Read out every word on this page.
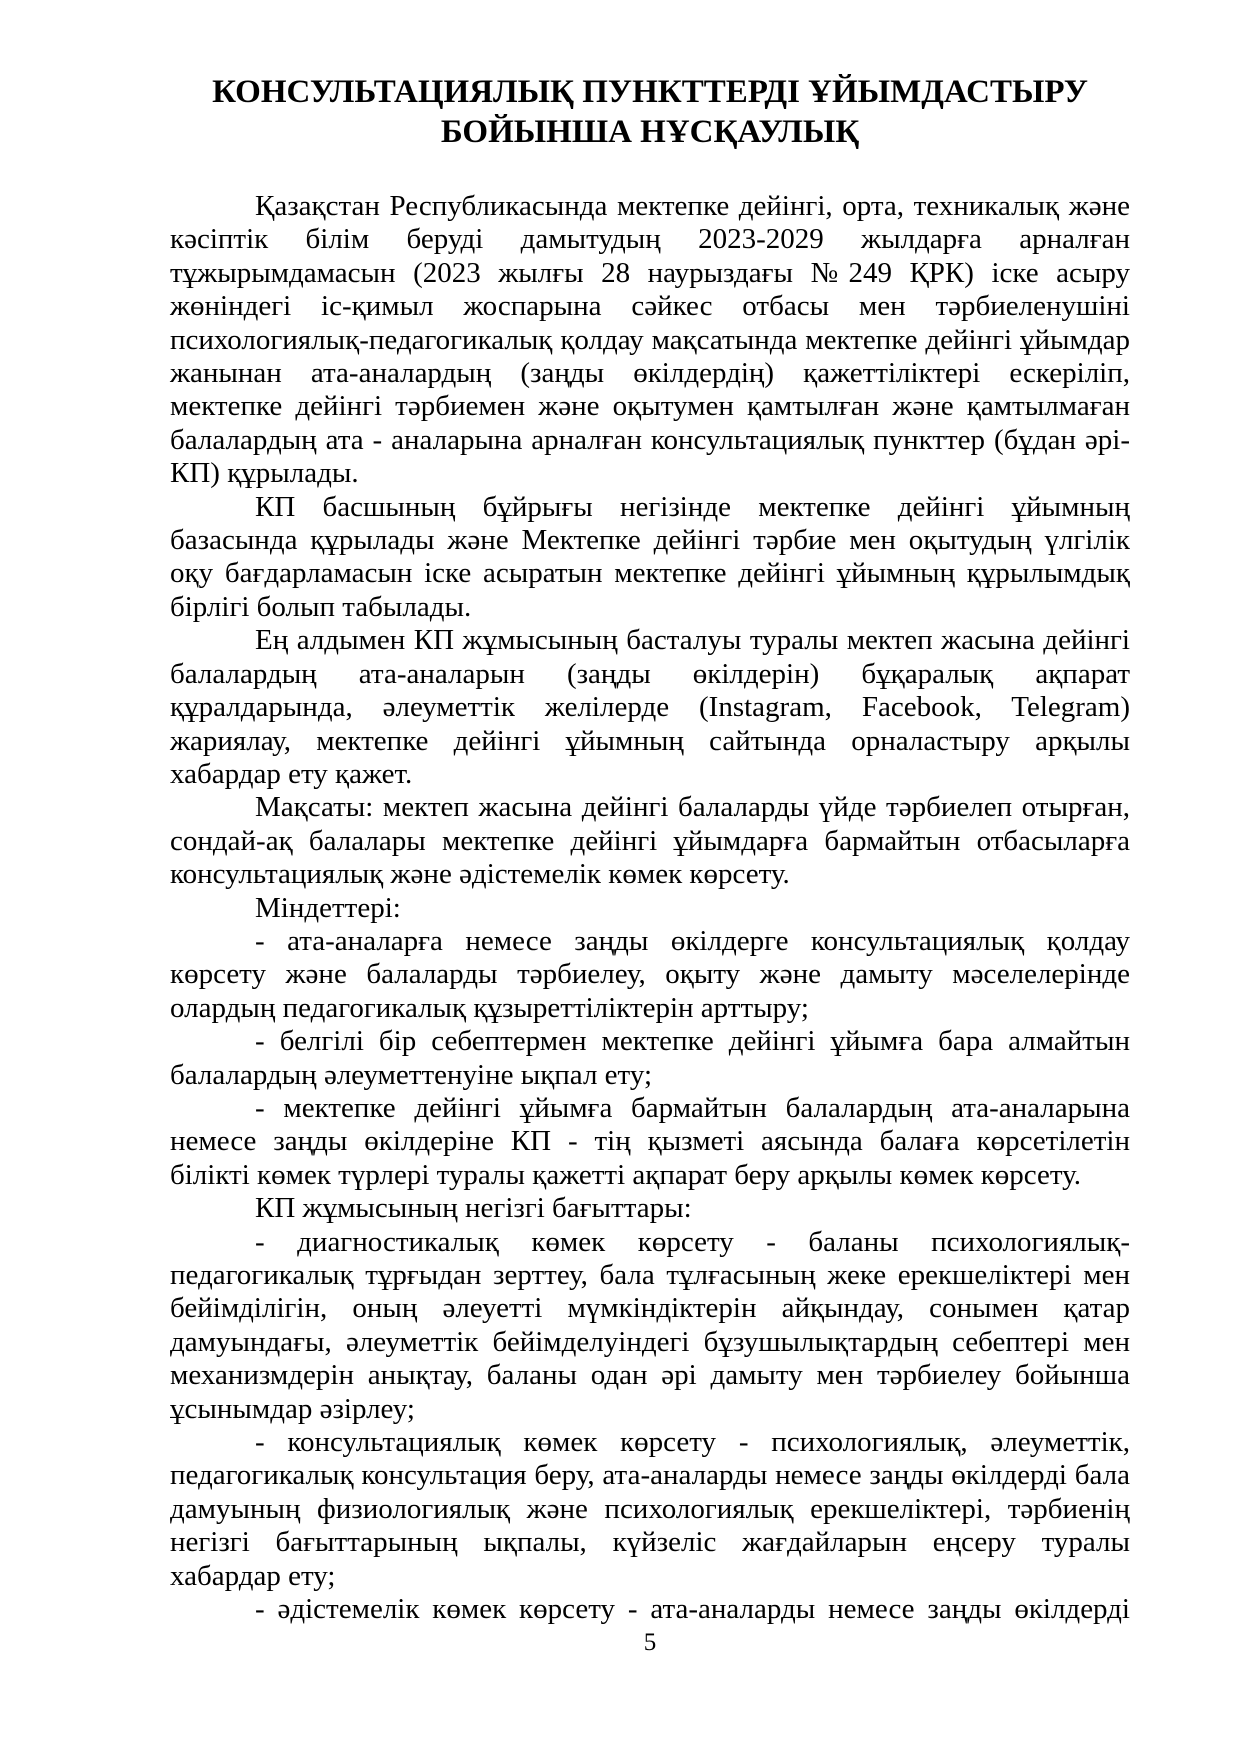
КОНСУЛЬТАЦИЯЛЫҚ ПУНКТТЕРДІ ҰЙЫМДАСТЫРУ
БОЙЫНША НҰСҚАУЛЫҚ

Қазақстан Республикасында мектепке дейінгі, орта, техникалық және кәсіптік білім беруді дамытудың 2023-2029 жылдарға арналған тұжырымдамасын (2023 жылғы 28 наурыздағы №249 ҚРК) іске асыру жөніндегі іс-қимыл жоспарына сәйкес отбасы мен тәрбиеленушіні психологиялық-педагогикалық қолдау мақсатында мектепке дейінгі ұйымдар жанынан ата-аналардың (заңды өкілдердің) қажеттіліктері ескеріліп, мектепке дейінгі тәрбиемен және оқытумен қамтылған және қамтылмаған балалардың ата - аналарына арналған консультациялық пункттер (бұдан әрі-КП) құрылады.

КП басшының бұйрығы негізінде мектепке дейінгі ұйымның базасында құрылады және Мектепке дейінгі тәрбие мен оқытудың үлгілік оқу бағдарламасын іске асыратын мектепке дейінгі ұйымның құрылымдық бірлігі болып табылады.

Ең алдымен КП жұмысының басталуы туралы мектеп жасына дейінгі балалардың ата-аналарын (заңды өкілдерін) бұқаралық ақпарат құралдарында, әлеуметтік желілерде (Instagram, Facebook, Telegram) жариялау, мектепке дейінгі ұйымның сайтында орналастыру арқылы хабардар ету қажет.

Мақсаты: мектеп жасына дейінгі балаларды үйде тәрбиелеп отырған, сондай-ақ балалары мектепке дейінгі ұйымдарға бармайтын отбасыларға консультациялық және әдістемелік көмек көрсету.

Міндеттері:

- ата-аналарға немесе заңды өкілдерге консультациялық қолдау көрсету және балаларды тәрбиелеу, оқыту және дамыту мәселелерінде олардың педагогикалық құзыреттіліктерін арттыру;

- белгілі бір себептермен мектепке дейінгі ұйымға бара алмайтын балалардың әлеуметтенуіне ықпал ету;

- мектепке дейінгі ұйымға бармайтын балалардың ата-аналарына немесе заңды өкілдеріне КП - тің қызметі аясында балаға көрсетілетін білікті көмек түрлері туралы қажетті ақпарат беру арқылы көмек көрсету.

КП жұмысының негізгі бағыттары:

- диагностикалық көмек көрсету - баланы психологиялық-педагогикалық тұрғыдан зерттеу, бала тұлғасының жеке ерекшеліктері мен бейімділігін, оның әлеуетті мүмкіндіктерін айқындау, сонымен қатар дамуындағы, әлеуметтік бейімделуіндегі бұзушылықтардың себептері мен механизмдерін анықтау, баланы одан әрі дамыту мен тәрбиелеу бойынша ұсынымдар әзірлеу;

- консультациялық көмек көрсету - психологиялық, әлеуметтік, педагогикалық консультация беру, ата-аналарды немесе заңды өкілдерді бала дамуының физиологиялық және психологиялық ерекшеліктері, тәрбиенің негізгі бағыттарының ықпалы, күйзеліс жағдайларын еңсеру туралы хабардар ету;

- әдістемелік көмек көрсету - ата-аналарды немесе заңды өкілдерді

5
